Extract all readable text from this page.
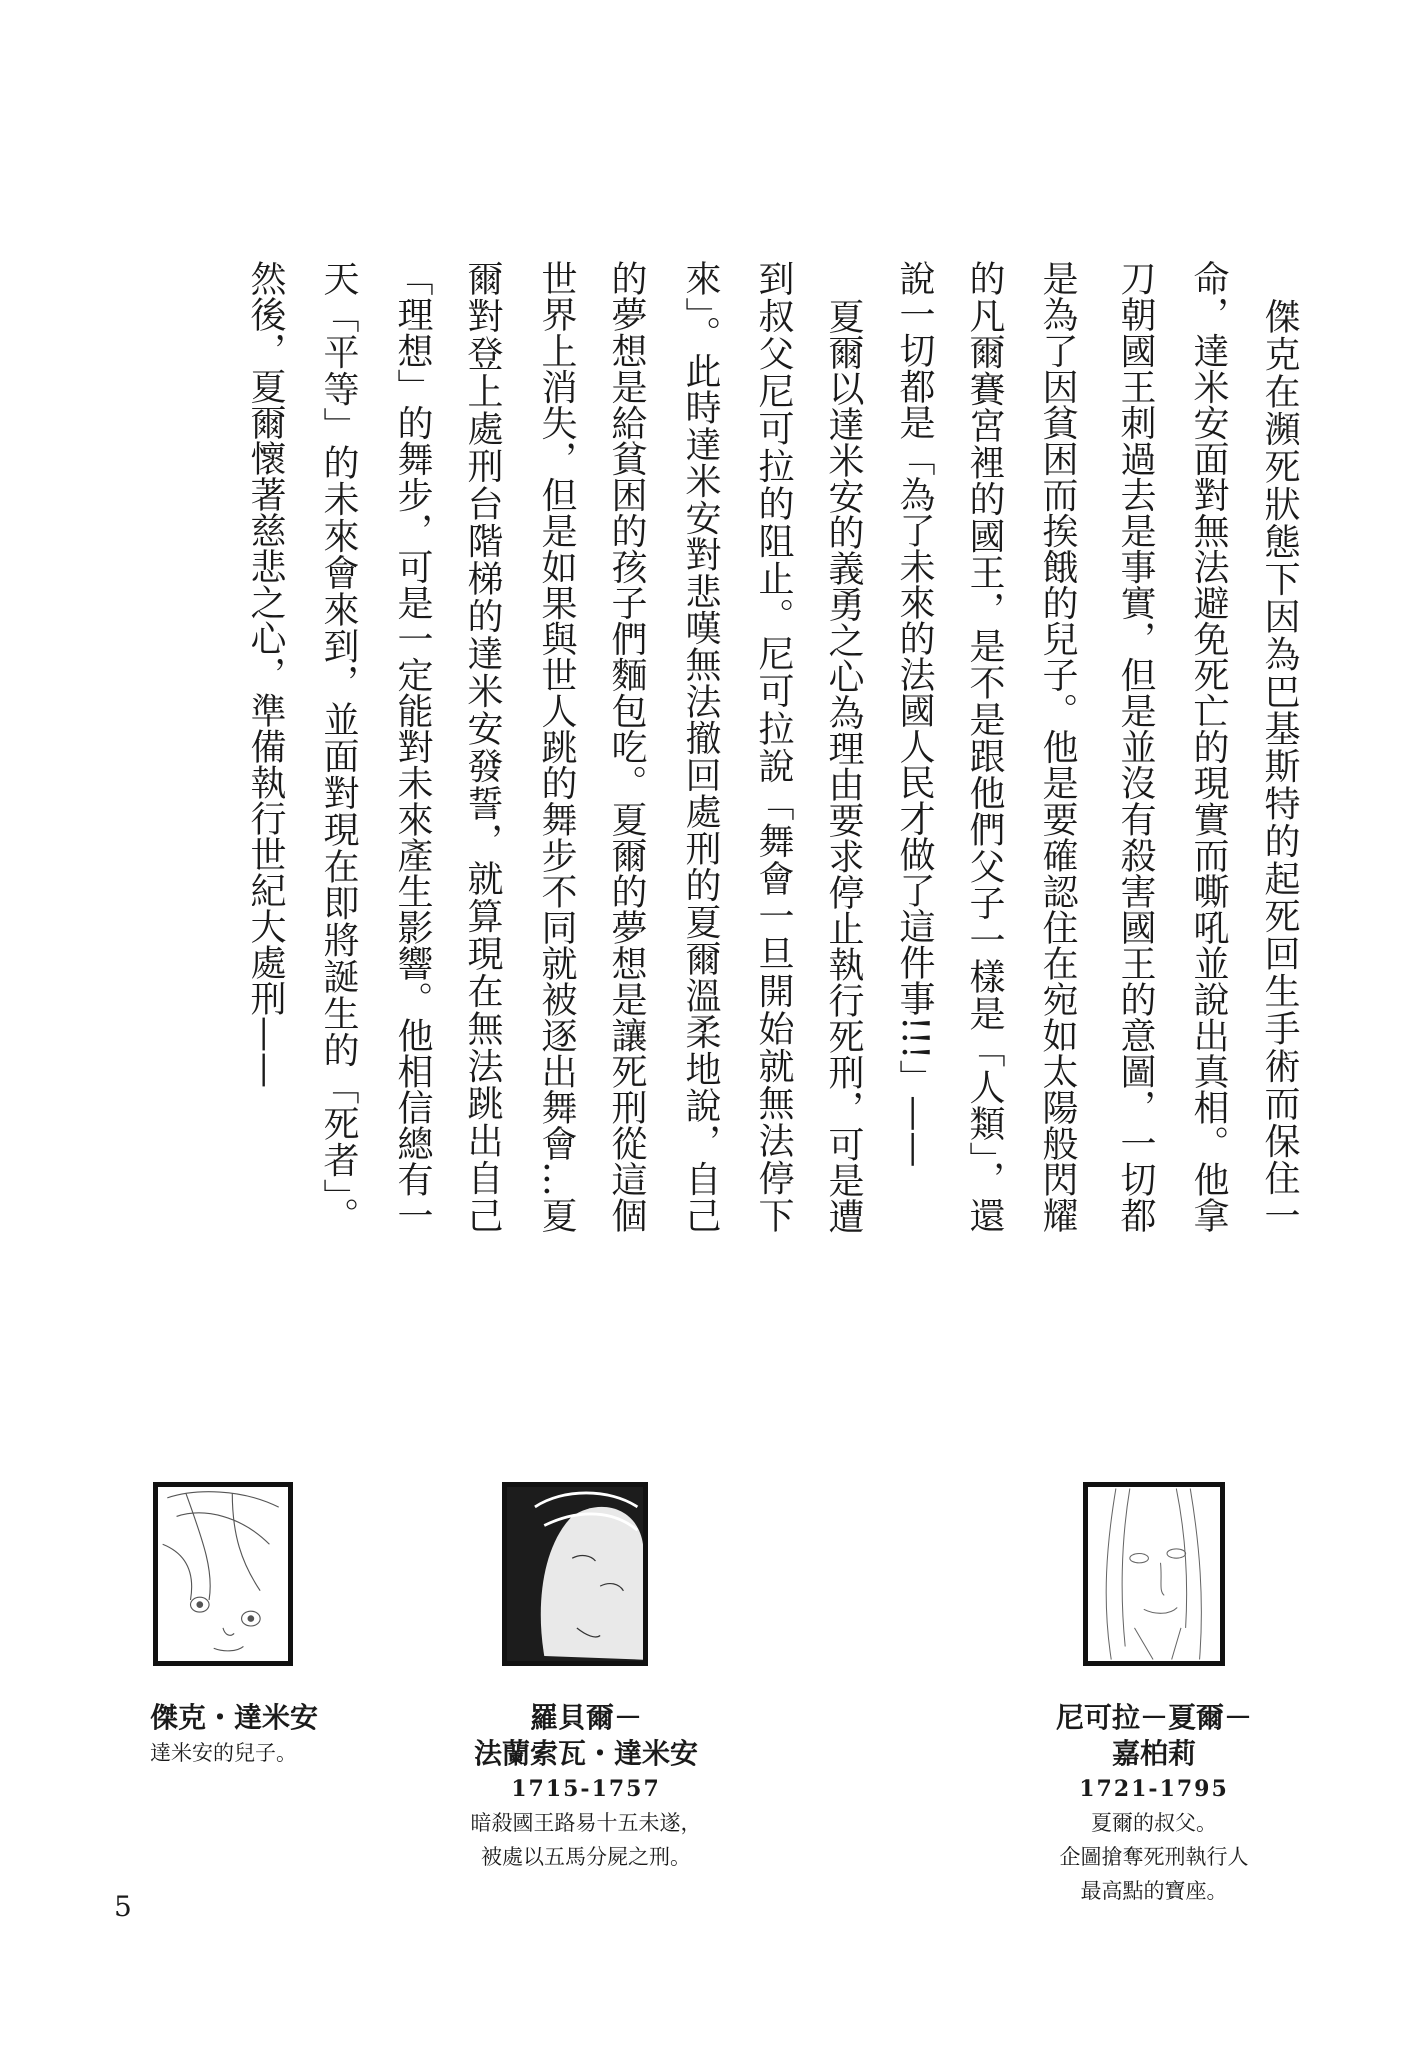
傑克在瀕死狀態下因為巴基斯特的起死回生手術而保住一
命，達米安面對無法避免死亡的現實而嘶吼並說出真相。他拿
刀朝國王刺過去是事實，但是並沒有殺害國王的意圖，一切都
是為了因貧困而挨餓的兒子。他是要確認住在宛如太陽般閃耀
的凡爾賽宮裡的國王，是不是跟他們父子一樣是「人類」，還
說一切都是「為了未來的法國人民才做了這件事!!!」——
夏爾以達米安的義勇之心為理由要求停止執行死刑，可是遭
到叔父尼可拉的阻止。尼可拉說「舞會一旦開始就無法停下
來」。此時達米安對悲嘆無法撤回處刑的夏爾溫柔地說，自己
的夢想是給貧困的孩子們麵包吃。夏爾的夢想是讓死刑從這個
世界上消失，但是如果與世人跳的舞步不同就被逐出舞會…夏
爾對登上處刑台階梯的達米安發誓，就算現在無法跳出自己
「理想」的舞步，可是一定能對未來產生影響。他相信總有一
天「平等」的未來會來到，並面對現在即將誕生的「死者」。
然後，夏爾懷著慈悲之心，準備執行世紀大處刑——
傑克・達米安
達米安的兒子。
羅貝爾－
法蘭索瓦・達米安
1715-1757
暗殺國王路易十五未遂，
被處以五馬分屍之刑。
尼可拉－夏爾－
嘉柏莉
1721-1795
夏爾的叔父。
企圖搶奪死刑執行人
最高點的寶座。
5
